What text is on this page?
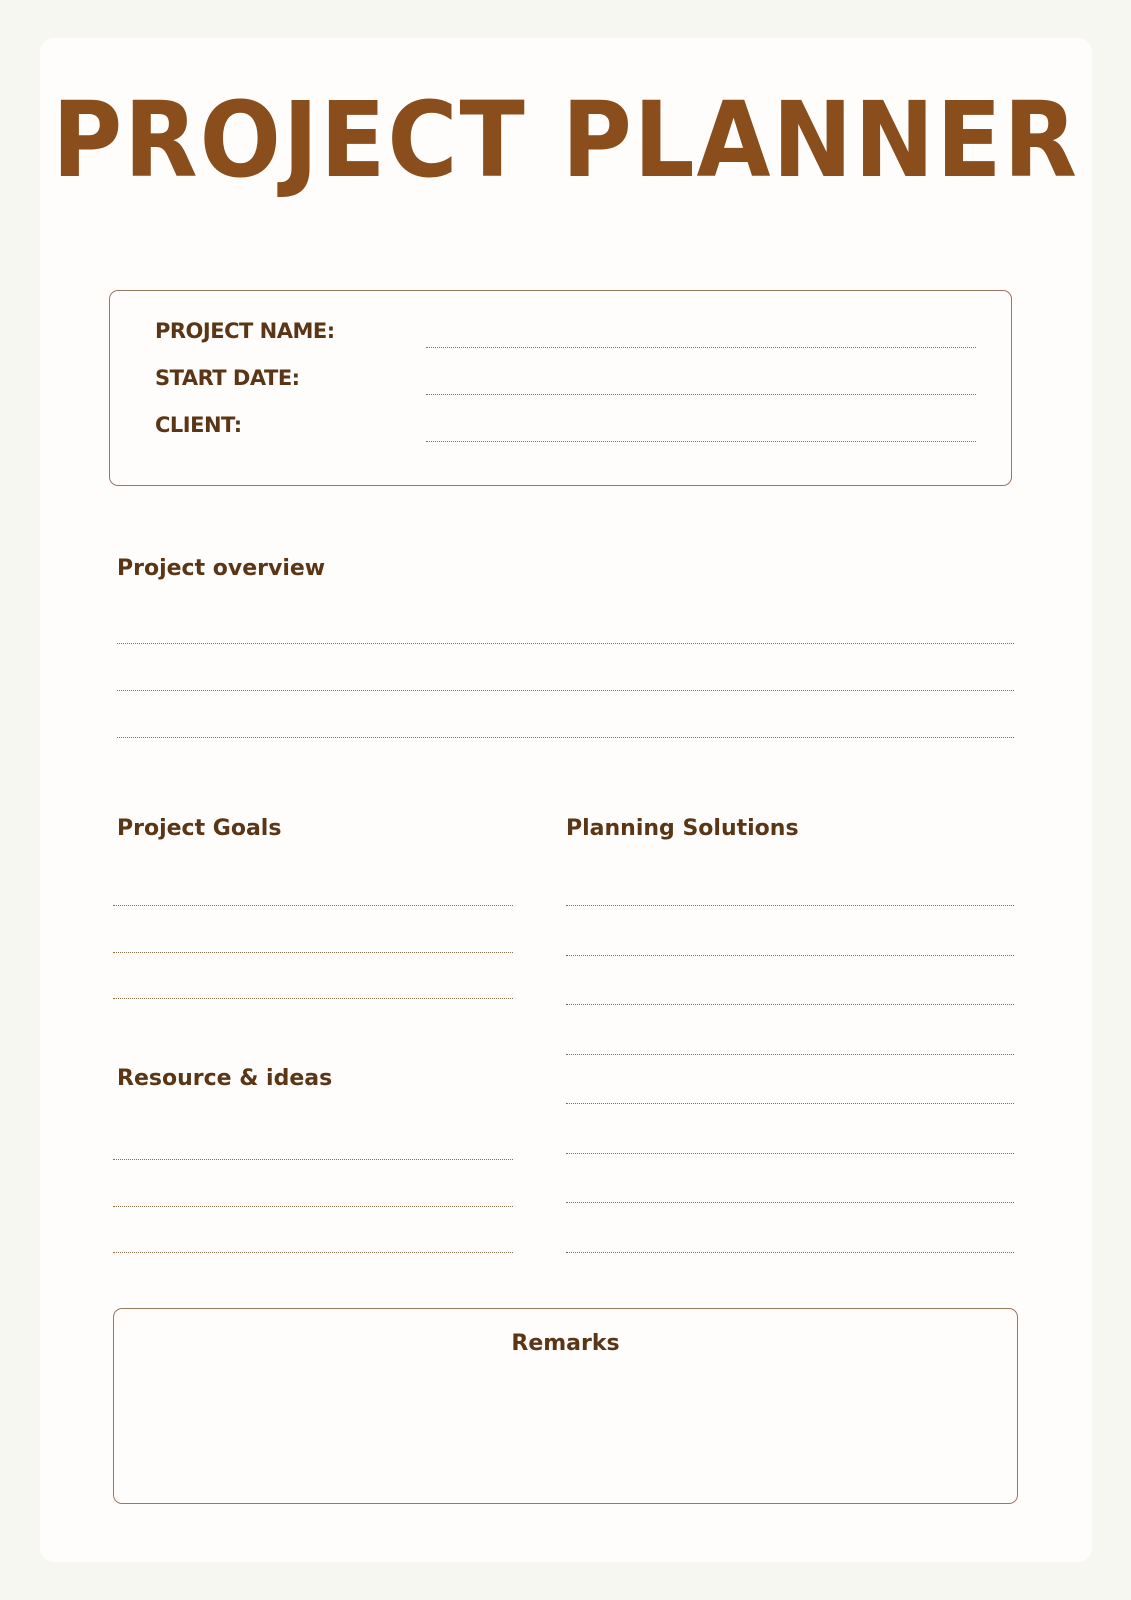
PROJECT PLANNER
PROJECT NAME:
START DATE:
CLIENT:
Project overview
Project Goals
Resource & ideas
Planning Solutions
Remarks
